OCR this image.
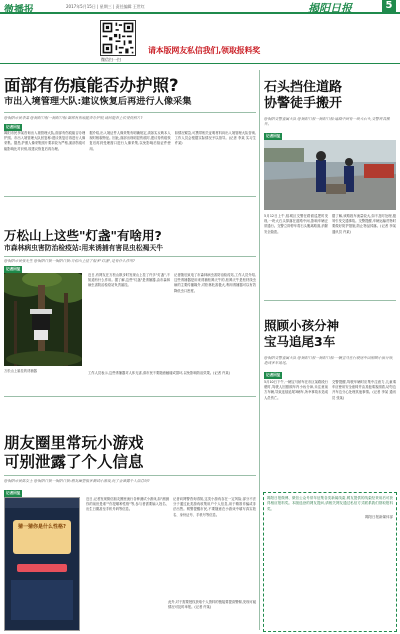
微播报	2017年5月15日 | 星期三 | 责任编辑 王世红	揭阳日报	5
微信扫一扫
请本版网友私信我们,领取报料奖
面部有伤痕能否办护照?
市出入境管理大队:建议恢复后再进行人像采集
@揭阳市民李某 @揭阳日报一揭阳日报:面部有伤痕能否办护照,请问能否上传受伤照片?
记者回复
揭阳市民李某咨询出入境管理大队,面部有伤痕能否办理护照。市出入境管理大队回复称:建议恢复后再进行人像采集。据悉,护照人像采集照片要求较为严格,面部伤痕可能影响比对识别,故建议恢复后再办理。
据介绍,出入境证件人像采集有明确规定,须如实反映本人现时相貌特征。因此,面部出现明显伤痕时,建议待伤痕恢复后再到受理窗口进行人像采集,以免影响后续证件使用。
如情况紧急,可携带相关证明材料向出入境管理大队咨询,工作人员会根据实际情况予以指导。(记者 李某 实习生 许某)
万松山上这些"灯盏"有啥用?
市森林病虫害防治检疫站:用来诱捕有害昆虫松褐天牛
@揭阳市民张先生 @揭阳日报一揭阳日报:万松山上挂了很多"灯盏",是有什么作用?
记者回复
万松山上悬挂的诱捕器
近日,有网友在万松山散步时发现山上挂了许多"灯盏",不知道有什么作用。据了解,这些"灯盏"是诱捕器,由市森林病虫害防治检疫站负责悬挂。
记者随后致电了市森林病虫害防治检疫站,工作人员介绍,这些诱捕器是用来诱捕松褐天牛的,松褐天牛是松材线虫病的主要传播媒介,对松林危害极大,利用诱捕器可以有效降低虫口密度。
工作人员表示,这些诱捕器对人体无害,请市民不要随意触碰或损坏,以免影响防治效果。(记者 许某)
朋友圈里常玩小游戏
可别泄露了个人信息
@揭阳市民陈女士 @揭阳日报一揭阳日报:朋友圈里很多测试小游戏,玩了会泄露个人信息吗?
记者回复
猜一猜你是什么性格?
近日,记者发现微信朋友圈里流行各种测试小游戏,如"测测你的前世是谁""你是哪种性格"等,参与者需要输入姓名、出生日期甚至手机号码等信息。
记者向网警咨询得知,这类小游戏存在一定风险,部分不法分子通过此类游戏收集用户个人信息,用于精准诈骗或非法出售。网警提醒市民,不要随意在小游戏中填写真实姓名、身份证号、手机号等信息。
此外,对于需要授权获取个人资料的链接要提高警惕,发现可疑情况可及时举报。(记者 许某)
石头挡住道路
协警徒手搬开
@揭阳交警直属大队 @揭阳日报一揭阳日报:道路中间有一块大石头,交警将其搬开。
记者回复
5月12日上午,榕城区交警在路面巡逻时发现,一块大石头掉落在道路中间,影响车辆正常通行。交警立即停车将石头搬离路面,消除安全隐患。
据了解,该路段车流量较大,如不及时处理,极易引发交通事故。交警提醒,车辆运输货物时要做好防护措施,防止物品掉落。(记者 李某 通讯员 许某)
照顾小孩分神
宝马追尾3车
@揭阳交警直属大队 @揭阳日报一揭阳日报:一辆宝马在行驶途中因照顾小孩分神,造成多车追尾。
记者回复
5月10日下午,一辆宝马轿车在市区某路段行驶时,驾驶人因照顾车内小孩分神,未注意前方车辆,导致连续追尾3辆车,所幸事故未造成人员伤亡。
交警提醒,驾驶车辆时应集中注意力,儿童乘车应使用安全座椅并由其他乘客照看,切勿边开车边分心处理其他事情。(记者 李某 通讯员 张某)
揭阳日报微博、微信公众号常年征集各类新闻线索,网友提供的线索经采用后可获得相应报料奖。本版选登的网友提问,请相关网友通过私信方式联系我们领取报料奖。
揭阳日报新媒体部
